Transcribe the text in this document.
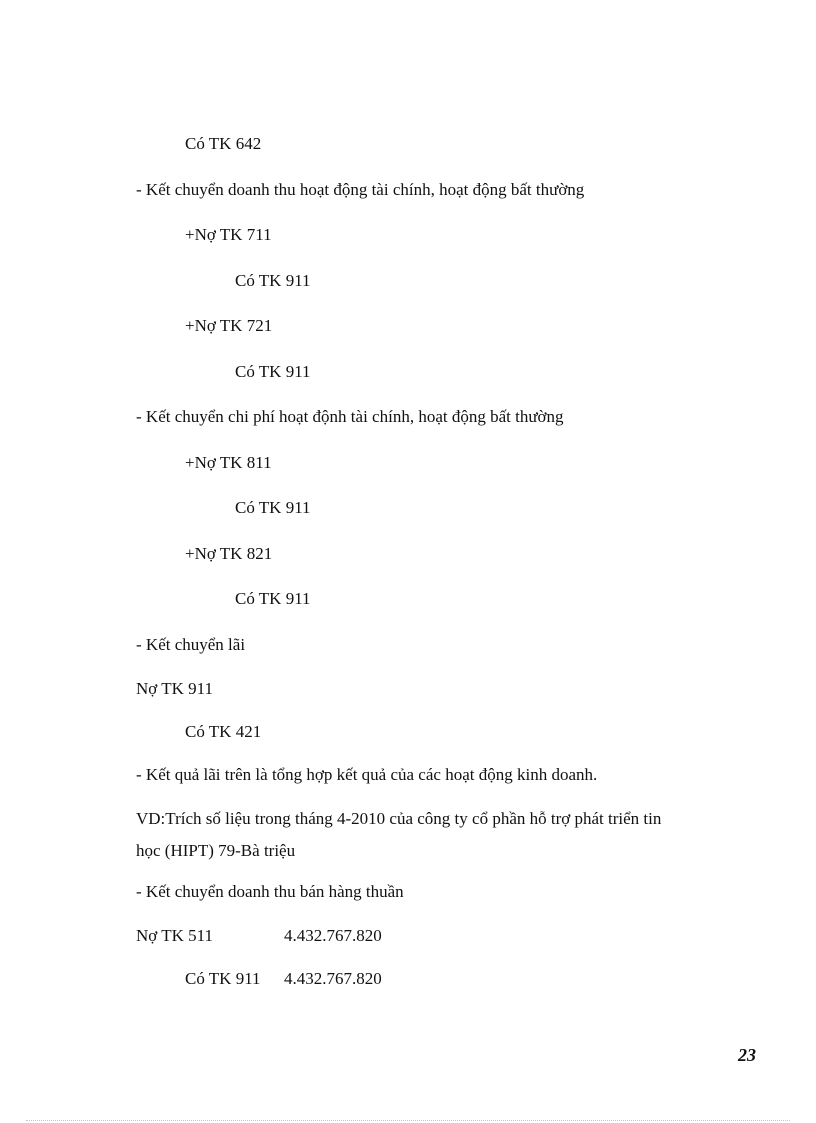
Có TK 642
- Kết chuyển doanh thu hoạt động tài chính, hoạt động bất thường
+Nợ TK 711
Có TK 911
+Nợ TK 721
Có TK 911
- Kết chuyển chi phí hoạt độnh tài chính, hoạt động bất thường
+Nợ TK 811
Có TK 911
+Nợ TK 821
Có TK 911
- Kết chuyển lãi
Nợ TK 911
Có TK 421
- Kết quả lãi trên là tổng hợp kết quả của các hoạt động kinh doanh.
VD:Trích số liệu trong tháng 4-2010 của công ty cổ phần hỗ trợ phát triển tin
học (HIPT) 79-Bà triệu
- Kết chuyển doanh thu bán hàng thuần
Nợ TK 511	4.432.767.820
Có TK 911 4.432.767.820
23
